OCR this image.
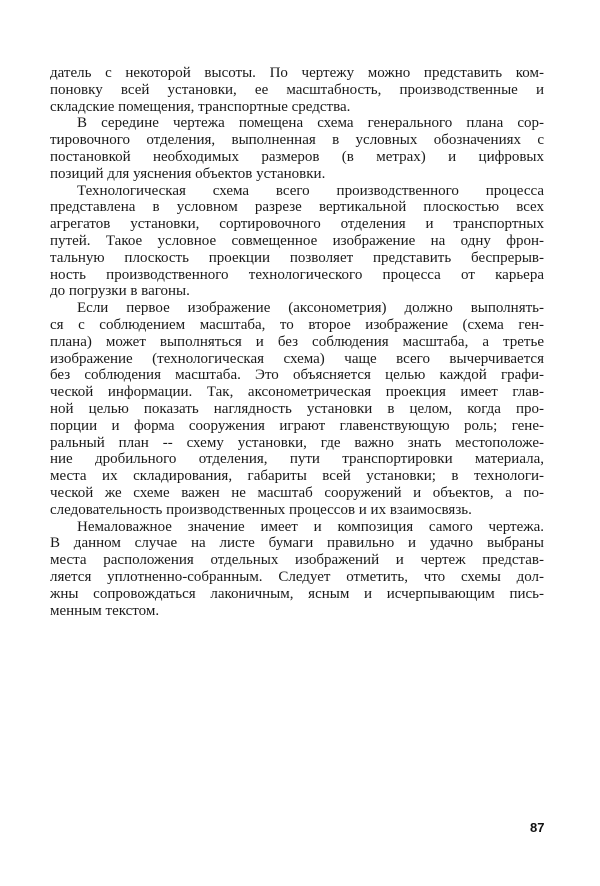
датель с некоторой высоты. По чертежу можно представить ком-
поновку всей установки, ее масштабность, производственные и
складские помещения, транспортные средства.
В середине чертежа помещена схема генерального плана сор-
тировочного отделения, выполненная в условных обозначениях с
постановкой необходимых размеров (в метрах) и цифровых
позиций для уяснения объектов установки.
Технологическая схема всего производственного процесса
представлена в условном разрезе вертикальной плоскостью всех
агрегатов установки, сортировочного отделения и транспортных
путей. Такое условное совмещенное изображение на одну фрон-
тальную плоскость проекции позволяет представить беспрерыв-
ность производственного технологического процесса от карьера
до погрузки в вагоны.
Если первое изображение (аксонометрия) должно выполнять-
ся с соблюдением масштаба, то второе изображение (схема ген-
плана) может выполняться и без соблюдения масштаба, а третье
изображение (технологическая схема) чаще всего вычерчивается
без соблюдения масштаба. Это объясняется целью каждой графи-
ческой информации. Так, аксонометрическая проекция имеет глав-
ной целью показать наглядность установки в целом, когда про-
порции и форма сооружения играют главенствующую роль; гене-
ральный план -- схему установки, где важно знать местоположе-
ние дробильного отделения, пути транспортировки материала,
места их складирования, габариты всей установки; в технологи-
ческой же схеме важен не масштаб сооружений и объектов, а по-
следовательность производственных процессов и их взаимосвязь.
Немаловажное значение имеет и композиция самого чертежа.
В данном случае на листе бумаги правильно и удачно выбраны
места расположения отдельных изображений и чертеж представ-
ляется уплотненно-собранным. Следует отметить, что схемы дол-
жны сопровождаться лаконичным, ясным и исчерпывающим пись-
менным текстом.
87
